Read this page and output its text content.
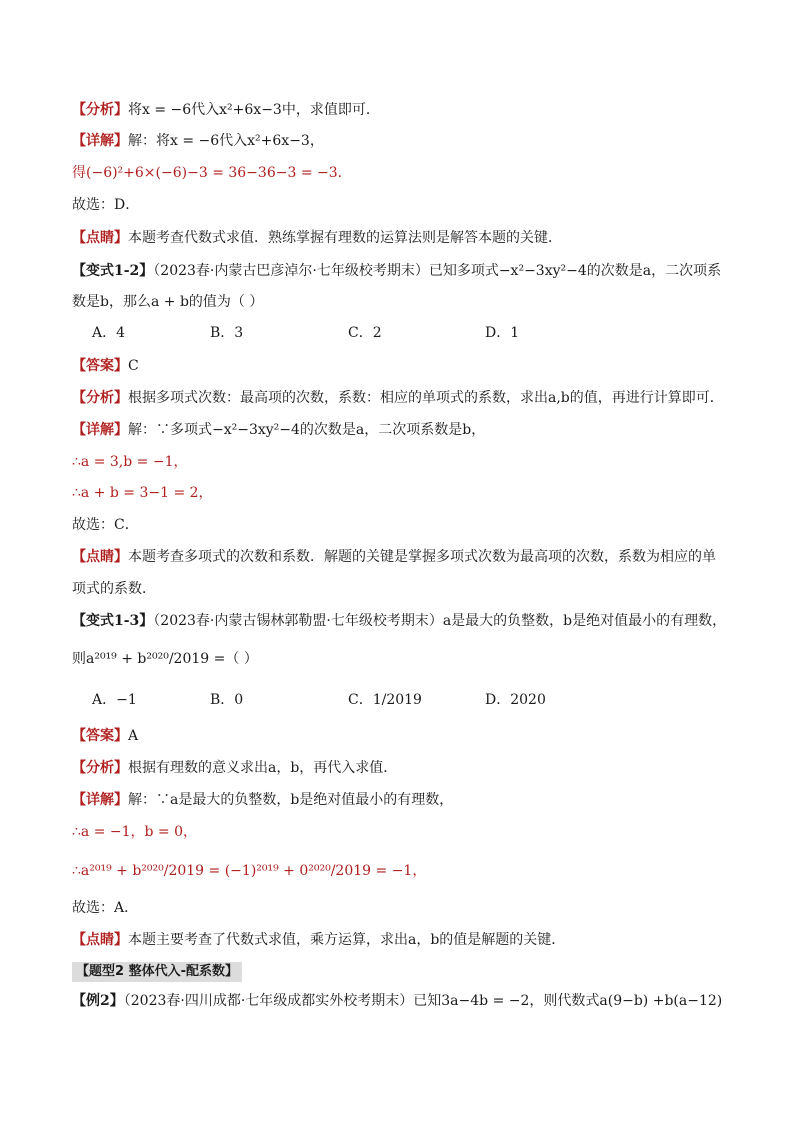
【分析】将x = −6代入x²+6x−3中，求值即可．
【详解】解：将x = −6代入x²+6x−3，
得(−6)²+6×(−6)−3 = 36−36−3 = −3．
故选：D．
【点睛】本题考查代数式求值．熟练掌握有理数的运算法则是解答本题的关键．
【变式1-2】（2023春·内蒙古巴彦淖尔·七年级校考期末）已知多项式−x²−3xy²−4的次数是a，二次项系
数是b，那么a + b的值为（ ）
A．4	B．3	C．2	D．1
【答案】C
【分析】根据多项式次数：最高项的次数，系数：相应的单项式的系数，求出a,b的值，再进行计算即可．
【详解】解：∵多项式−x²−3xy²−4的次数是a，二次项系数是b，
∴a = 3,b = −1，
∴a + b = 3−1 = 2，
故选：C．
【点睛】本题考查多项式的次数和系数．解题的关键是掌握多项式次数为最高项的次数，系数为相应的单
项式的系数．
【变式1-3】（2023春·内蒙古锡林郭勒盟·七年级校考期末）a是最大的负整数，b是绝对值最小的有理数，
则a²⁰¹⁹ + b²⁰²⁰/2019 =（ ）
A．−1	B．0	C．1/2019	D．2020
【答案】A
【分析】根据有理数的意义求出a，b，再代入求值．
【详解】解：∵a是最大的负整数，b是绝对值最小的有理数，
∴a = −1，b = 0，
∴a²⁰¹⁹ + b²⁰²⁰/2019 = (−1)²⁰¹⁹ + 0²⁰²⁰/2019 = −1，
故选：A．
【点睛】本题主要考查了代数式求值，乘方运算，求出a，b的值是解题的关键．
【题型2 整体代入-配系数】
【例2】（2023春·四川成都·七年级成都实外校考期末）已知3a−4b = −2，则代数式a(9−b) +b(a−12)
